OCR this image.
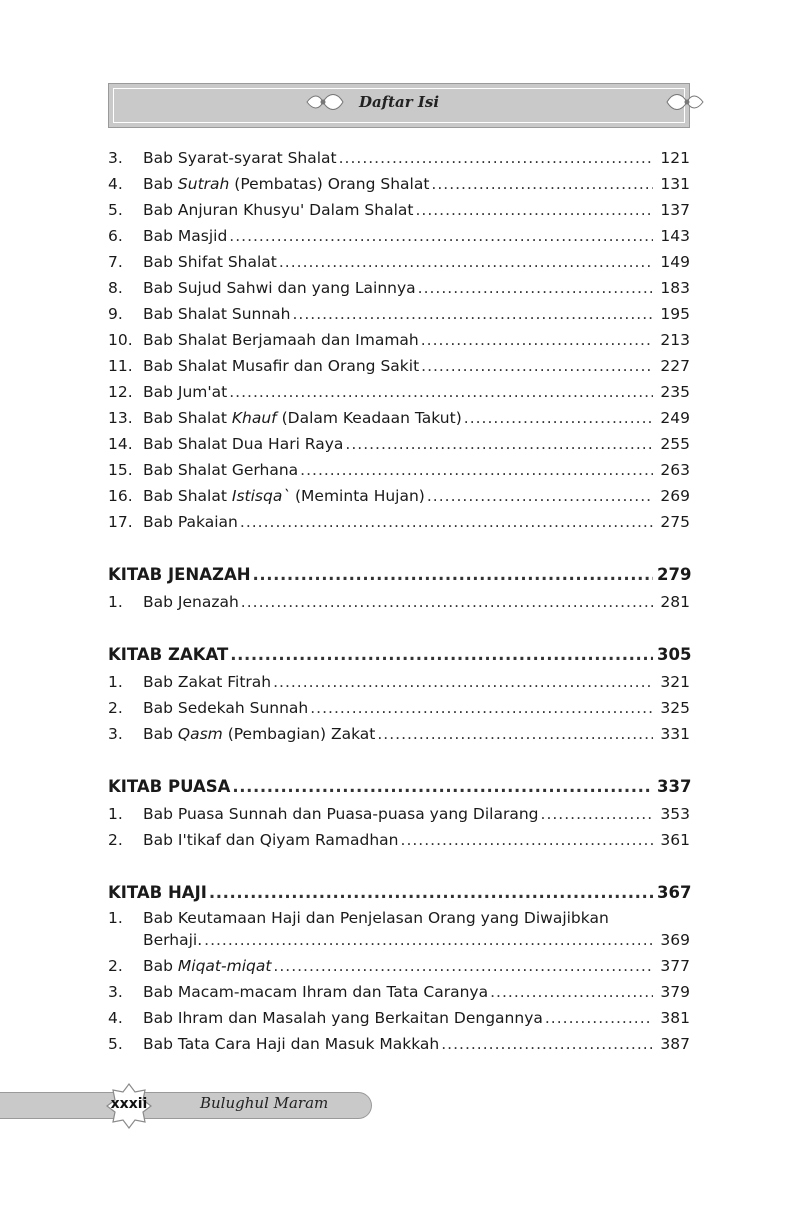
Daftar Isi
3.	Bab Syarat-syarat Shalat .....	121
4.	Bab Sutrah (Pembatas) Orang Shalat .....	131
5.	Bab Anjuran Khusyu' Dalam Shalat .....	137
6.	Bab Masjid .....	143
7.	Bab Shifat Shalat .....	149
8.	Bab Sujud Sahwi dan yang Lainnya .....	183
9.	Bab Shalat Sunnah .....	195
10. Bab Shalat Berjamaah dan Imamah .....	213
11. Bab Shalat Musafir dan Orang Sakit .....	227
12. Bab Jum'at .....	235
13. Bab Shalat Khauf (Dalam Keadaan Takut) .....	249
14. Bab Shalat Dua Hari Raya .....	255
15. Bab Shalat Gerhana .....	263
16. Bab Shalat Istisqa` (Meminta Hujan) .....	269
17. Bab Pakaian .....	275
KITAB JENAZAH .....	279
1.	Bab Jenazah .....	281
KITAB ZAKAT .....	305
1.	Bab Zakat Fitrah .....	321
2.	Bab Sedekah Sunnah .....	325
3.	Bab Qasm (Pembagian) Zakat .....	331
KITAB PUASA .....	337
1.	Bab Puasa Sunnah dan Puasa-puasa yang Dilarang .....	353
2.	Bab I'tikaf dan Qiyam Ramadhan .....	361
KITAB HAJI .....	367
1.	Bab Keutamaan Haji dan Penjelasan Orang yang Diwajibkan
Berhaji. .....	369
2.	Bab Miqat-miqat .....	377
3.	Bab Macam-macam Ihram dan Tata Caranya .....	379
4.	Bab Ihram dan Masalah yang Berkaitan Dengannya .....	381
5.	Bab Tata Cara Haji dan Masuk Makkah .....	387
xxxii	Bulughul Maram
